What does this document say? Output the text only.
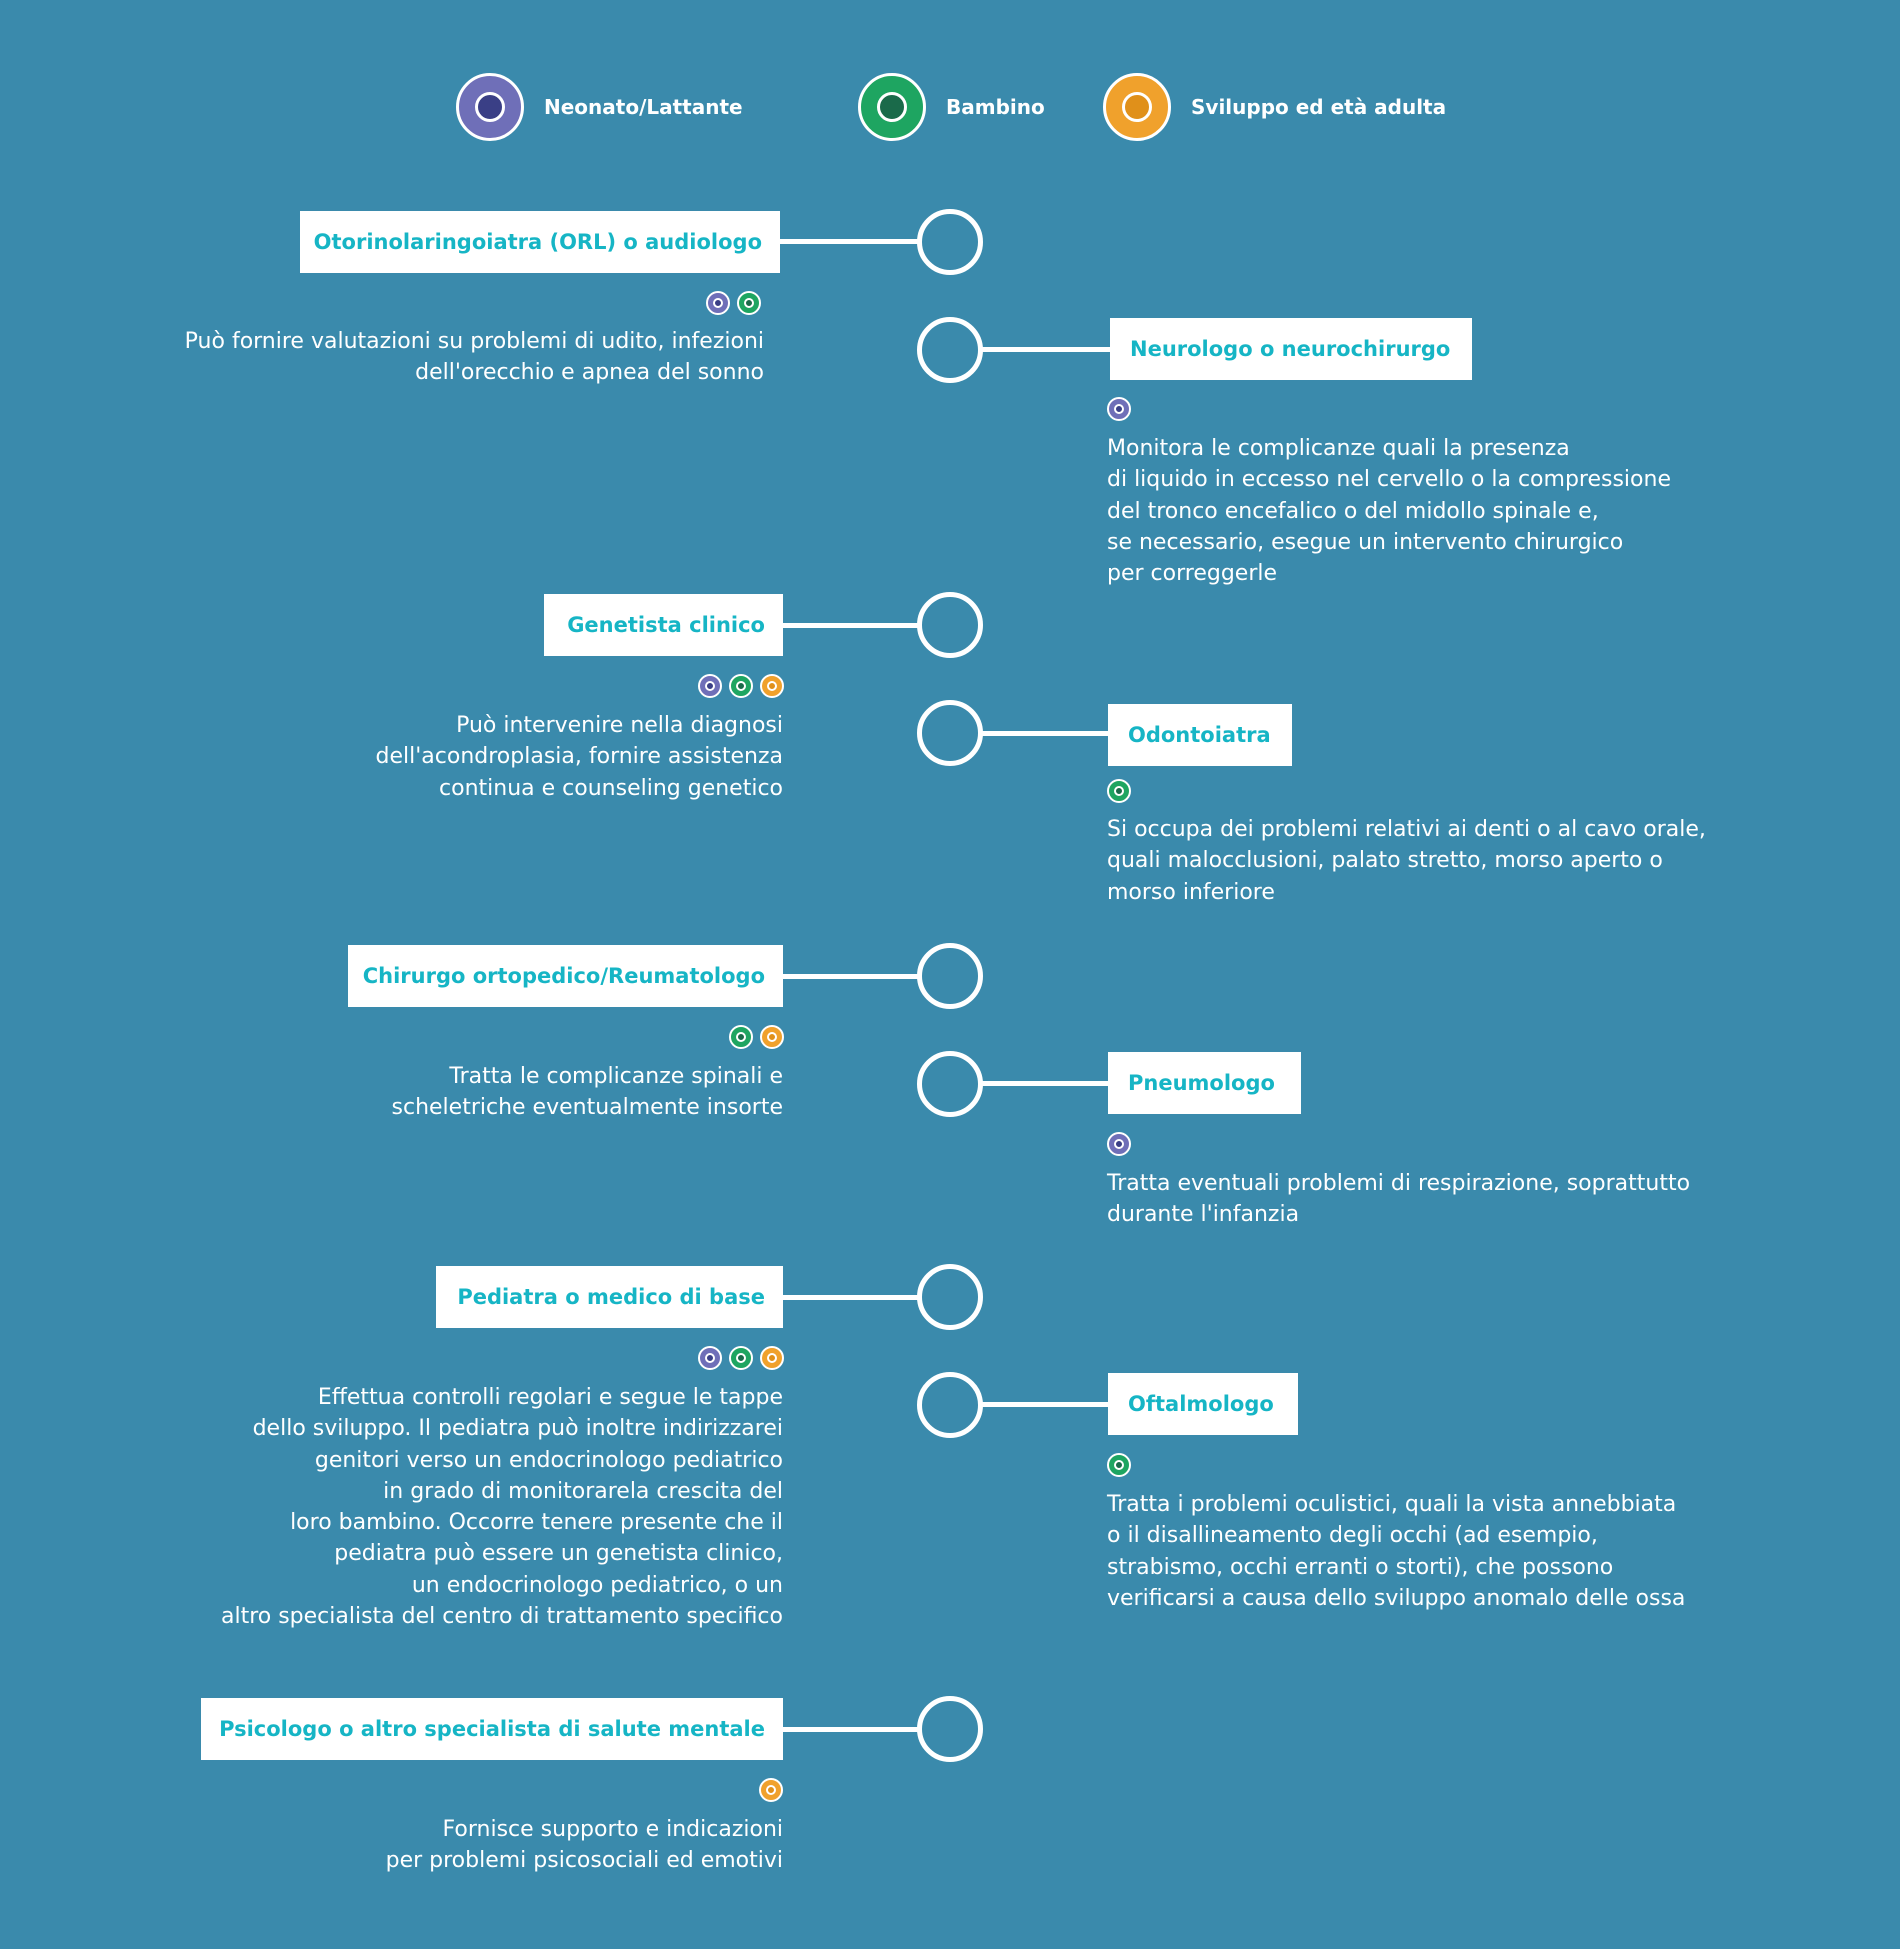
Neonato/Lattante	Bambino	Sviluppo ed età adulta
Otorinolaringoiatra (ORL) o audiologo
Può fornire valutazioni su problemi di udito, infezioni
dell'orecchio e apnea del sonno
Neurologo o neurochirurgo
Monitora le complicanze quali la presenza
di liquido in eccesso nel cervello o la compressione
del tronco encefalico o del midollo spinale e,
se necessario, esegue un intervento chirurgico
per correggerle
Genetista clinico
Può intervenire nella diagnosi
dell'acondroplasia, fornire assistenza
continua e counseling genetico
Odontoiatra
Si occupa dei problemi relativi ai denti o al cavo orale,
quali malocclusioni, palato stretto, morso aperto o
morso inferiore
Chirurgo ortopedico/Reumatologo
Tratta le complicanze spinali e
scheletriche eventualmente insorte
Pneumologo
Tratta eventuali problemi di respirazione, soprattutto
durante l'infanzia
Pediatra o medico di base
Effettua controlli regolari e segue le tappe
dello sviluppo. Il pediatra può inoltre indirizzarei
genitori verso un endocrinologo pediatrico
in grado di monitorarela crescita del
loro bambino. Occorre tenere presente che il
pediatra può essere un genetista clinico,
un endocrinologo pediatrico, o un
altro specialista del centro di trattamento specifico
Oftalmologo
Tratta i problemi oculistici, quali la vista annebbiata
o il disallineamento degli occhi (ad esempio,
strabismo, occhi erranti o storti), che possono
verificarsi a causa dello sviluppo anomalo delle ossa
Psicologo o altro specialista di salute mentale
Fornisce supporto e indicazioni
per problemi psicosociali ed emotivi
